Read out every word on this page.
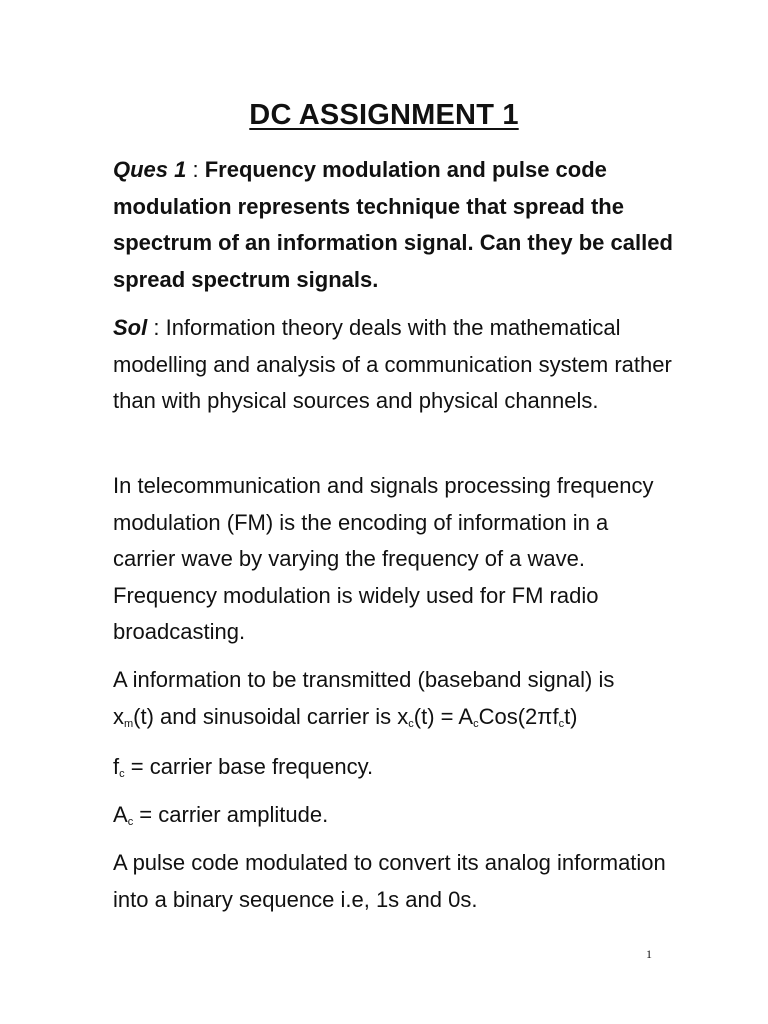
DC ASSIGNMENT 1

Ques 1 : Frequency modulation and pulse code modulation represents technique that spread the spectrum of an information signal. Can they be called spread spectrum signals.

Sol : Information theory deals with the mathematical modelling and analysis of a communication system rather than with physical sources and physical channels.

In telecommunication and signals processing frequency modulation (FM) is the encoding of information in a carrier wave by varying the frequency of a wave. Frequency modulation is widely used for FM radio broadcasting.

A information to be transmitted (baseband signal) is
$x_m(t)$ and sinusoidal carrier is $x_c(t) = A_cCos(2\pi f_ct)$

$f_c$ = carrier base frequency.

$A_c$ = carrier amplitude.

A pulse code modulated to convert its analog information into a binary sequence i.e, 1s and 0s.

1
